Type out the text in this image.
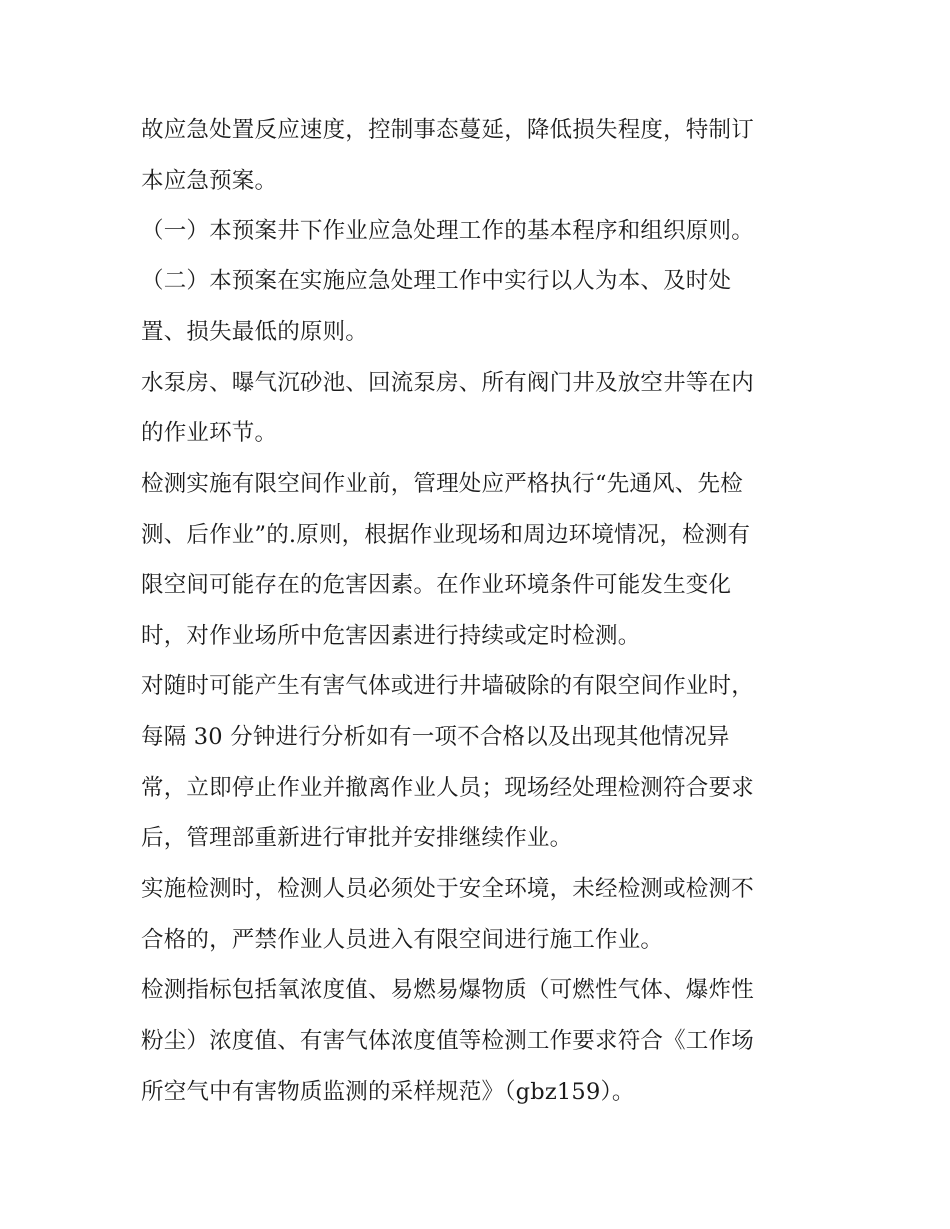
故应急处置反应速度，控制事态蔓延，降低损失程度，特制订
本应急预案。
（一）本预案井下作业应急处理工作的基本程序和组织原则。
（二）本预案在实施应急处理工作中实行以人为本、及时处
置、损失最低的原则。
水泵房、曝气沉砂池、回流泵房、所有阀门井及放空井等在内
的作业环节。
检测实施有限空间作业前，管理处应严格执行“先通风、先检
测、后作业”的.原则，根据作业现场和周边环境情况，检测有
限空间可能存在的危害因素。在作业环境条件可能发生变化
时，对作业场所中危害因素进行持续或定时检测。
对随时可能产生有害气体或进行井墙破除的有限空间作业时，
每隔 30 分钟进行分析如有一项不合格以及出现其他情况异
常，立即停止作业并撤离作业人员；现场经处理检测符合要求
后，管理部重新进行审批并安排继续作业。
实施检测时，检测人员必须处于安全环境，未经检测或检测不
合格的，严禁作业人员进入有限空间进行施工作业。
检测指标包括氧浓度值、易燃易爆物质（可燃性气体、爆炸性
粉尘）浓度值、有害气体浓度值等检测工作要求符合《工作场
所空气中有害物质监测的采样规范》（gbz159）。
